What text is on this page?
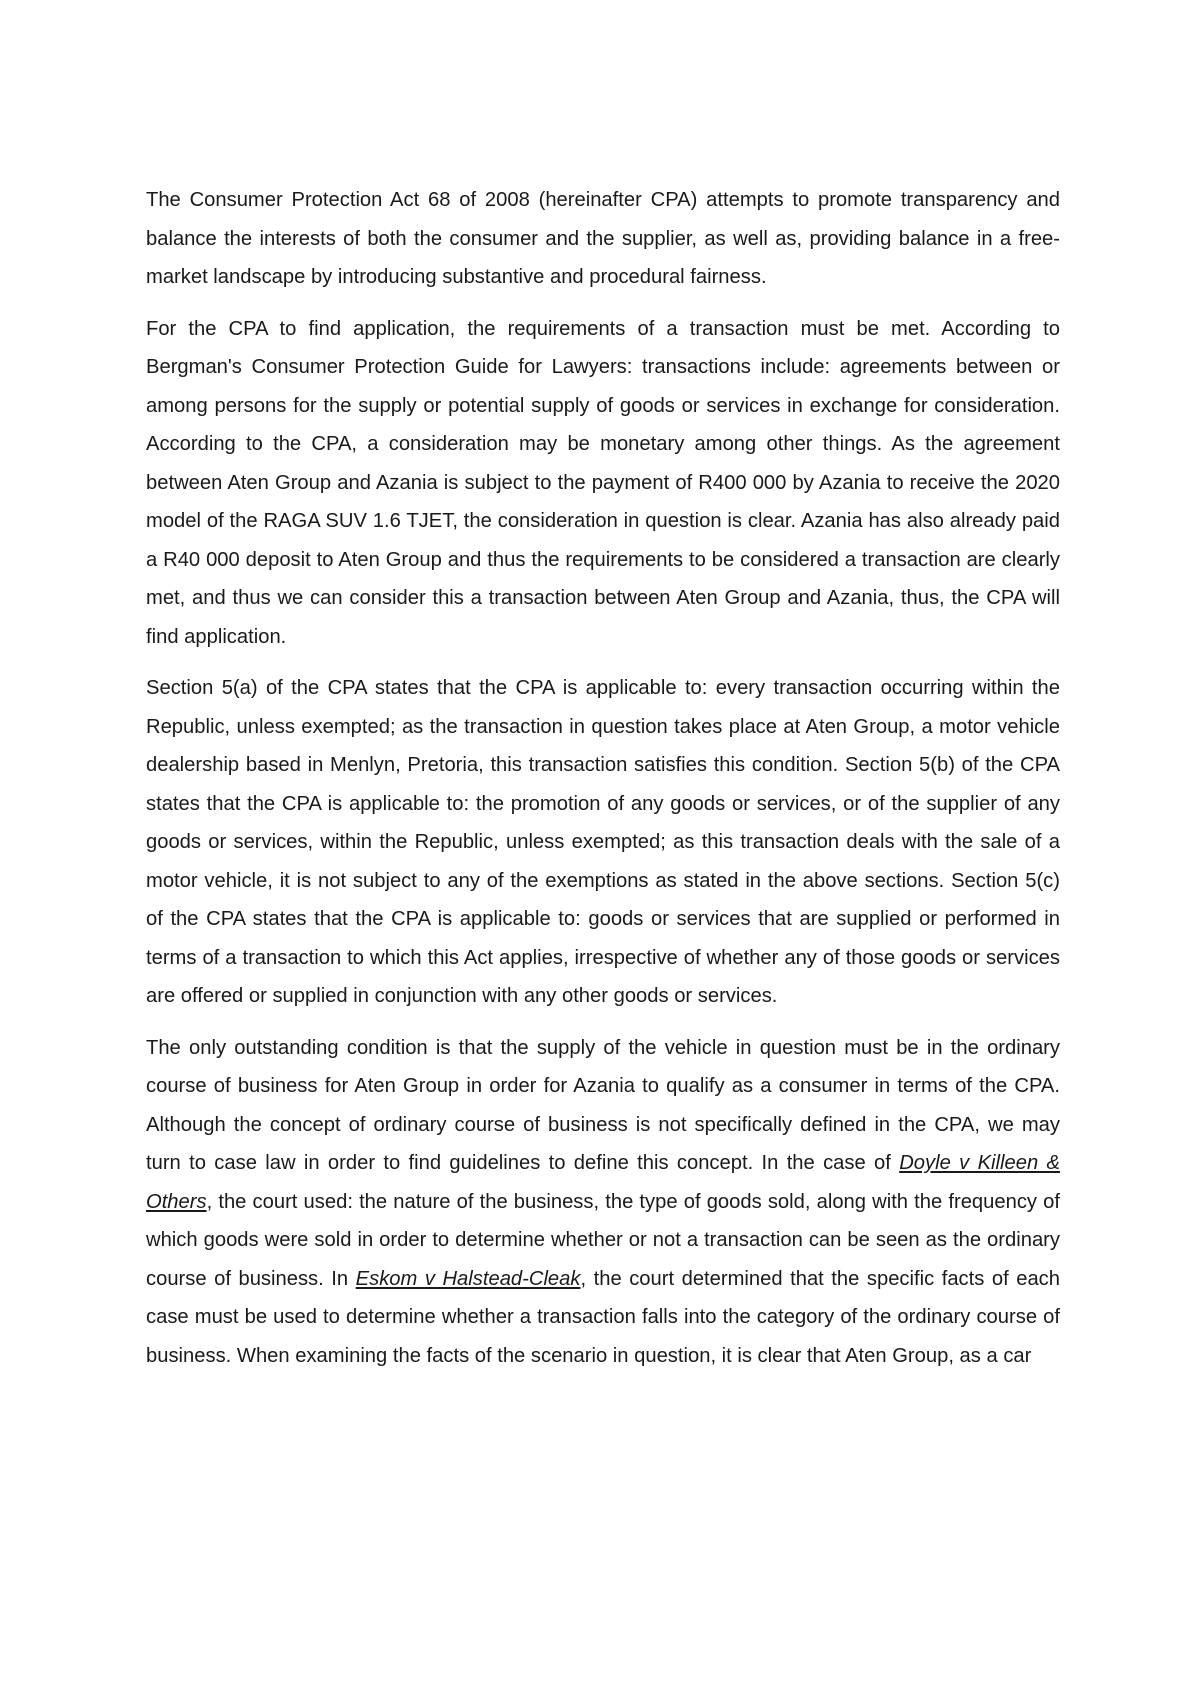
The Consumer Protection Act 68 of 2008 (hereinafter CPA) attempts to promote transparency and balance the interests of both the consumer and the supplier, as well as, providing balance in a free-market landscape by introducing substantive and procedural fairness.

For the CPA to find application, the requirements of a transaction must be met. According to Bergman's Consumer Protection Guide for Lawyers: transactions include: agreements between or among persons for the supply or potential supply of goods or services in exchange for consideration. According to the CPA, a consideration may be monetary among other things. As the agreement between Aten Group and Azania is subject to the payment of R400 000 by Azania to receive the 2020 model of the RAGA SUV 1.6 TJET, the consideration in question is clear. Azania has also already paid a R40 000 deposit to Aten Group and thus the requirements to be considered a transaction are clearly met, and thus we can consider this a transaction between Aten Group and Azania, thus, the CPA will find application.

Section 5(a) of the CPA states that the CPA is applicable to: every transaction occurring within the Republic, unless exempted; as the transaction in question takes place at Aten Group, a motor vehicle dealership based in Menlyn, Pretoria, this transaction satisfies this condition. Section 5(b) of the CPA states that the CPA is applicable to: the promotion of any goods or services, or of the supplier of any goods or services, within the Republic, unless exempted; as this transaction deals with the sale of a motor vehicle, it is not subject to any of the exemptions as stated in the above sections. Section 5(c) of the CPA states that the CPA is applicable to: goods or services that are supplied or performed in terms of a transaction to which this Act applies, irrespective of whether any of those goods or services are offered or supplied in conjunction with any other goods or services.

The only outstanding condition is that the supply of the vehicle in question must be in the ordinary course of business for Aten Group in order for Azania to qualify as a consumer in terms of the CPA. Although the concept of ordinary course of business is not specifically defined in the CPA, we may turn to case law in order to find guidelines to define this concept. In the case of Doyle v Killeen & Others, the court used: the nature of the business, the type of goods sold, along with the frequency of which goods were sold in order to determine whether or not a transaction can be seen as the ordinary course of business. In Eskom v Halstead-Cleak, the court determined that the specific facts of each case must be used to determine whether a transaction falls into the category of the ordinary course of business. When examining the facts of the scenario in question, it is clear that Aten Group, as a car
